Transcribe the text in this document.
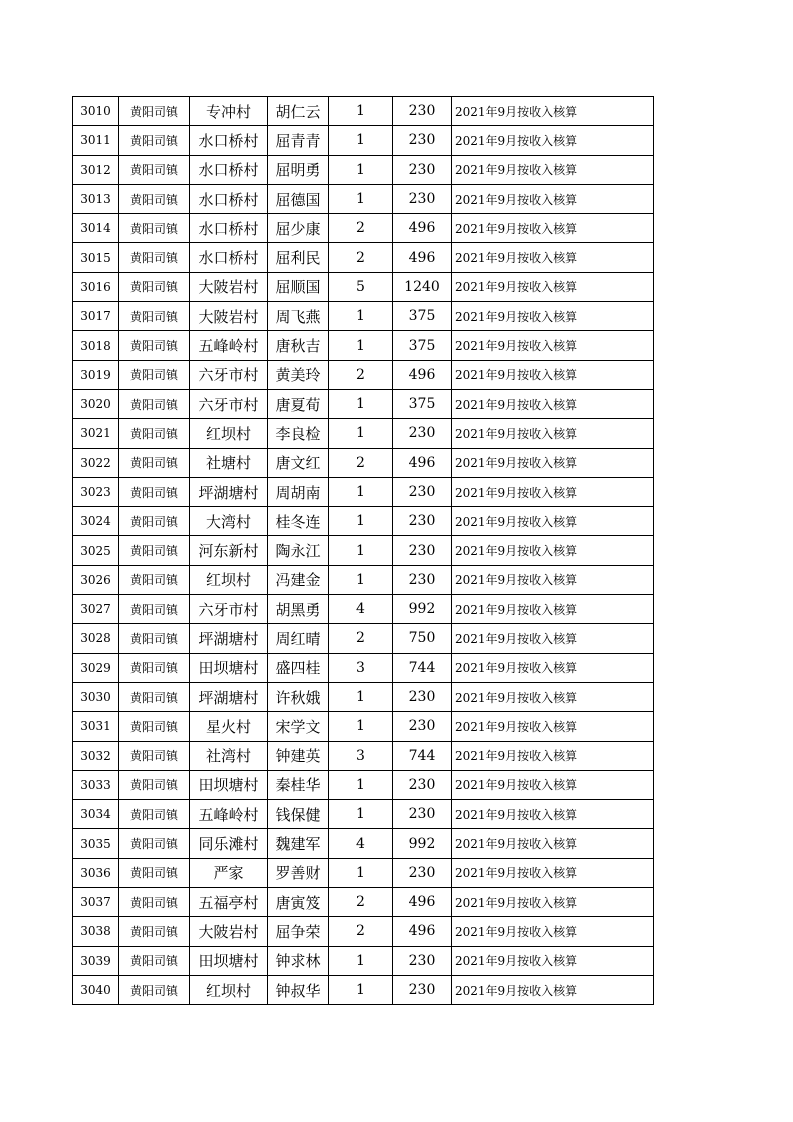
3010	黄阳司镇	专冲村	胡仁云	1	230	2021年9月按收入核算
3011	黄阳司镇	水口桥村	屈青青	1	230	2021年9月按收入核算
3012	黄阳司镇	水口桥村	屈明勇	1	230	2021年9月按收入核算
3013	黄阳司镇	水口桥村	屈德国	1	230	2021年9月按收入核算
3014	黄阳司镇	水口桥村	屈少康	2	496	2021年9月按收入核算
3015	黄阳司镇	水口桥村	屈利民	2	496	2021年9月按收入核算
3016	黄阳司镇	大陂岩村	屈顺国	5	1240	2021年9月按收入核算
3017	黄阳司镇	大陂岩村	周飞燕	1	375	2021年9月按收入核算
3018	黄阳司镇	五峰岭村	唐秋吉	1	375	2021年9月按收入核算
3019	黄阳司镇	六牙市村	黄美玲	2	496	2021年9月按收入核算
3020	黄阳司镇	六牙市村	唐夏荀	1	375	2021年9月按收入核算
3021	黄阳司镇	红坝村	李良检	1	230	2021年9月按收入核算
3022	黄阳司镇	社塘村	唐文红	2	496	2021年9月按收入核算
3023	黄阳司镇	坪湖塘村	周胡南	1	230	2021年9月按收入核算
3024	黄阳司镇	大湾村	桂冬连	1	230	2021年9月按收入核算
3025	黄阳司镇	河东新村	陶永江	1	230	2021年9月按收入核算
3026	黄阳司镇	红坝村	冯建金	1	230	2021年9月按收入核算
3027	黄阳司镇	六牙市村	胡黑勇	4	992	2021年9月按收入核算
3028	黄阳司镇	坪湖塘村	周红晴	2	750	2021年9月按收入核算
3029	黄阳司镇	田坝塘村	盛四桂	3	744	2021年9月按收入核算
3030	黄阳司镇	坪湖塘村	许秋娥	1	230	2021年9月按收入核算
3031	黄阳司镇	星火村	宋学文	1	230	2021年9月按收入核算
3032	黄阳司镇	社湾村	钟建英	3	744	2021年9月按收入核算
3033	黄阳司镇	田坝塘村	秦桂华	1	230	2021年9月按收入核算
3034	黄阳司镇	五峰岭村	钱保健	1	230	2021年9月按收入核算
3035	黄阳司镇	同乐滩村	魏建军	4	992	2021年9月按收入核算
3036	黄阳司镇	严家	罗善财	1	230	2021年9月按收入核算
3037	黄阳司镇	五福亭村	唐寅笈	2	496	2021年9月按收入核算
3038	黄阳司镇	大陂岩村	屈争荣	2	496	2021年9月按收入核算
3039	黄阳司镇	田坝塘村	钟求林	1	230	2021年9月按收入核算
3040	黄阳司镇	红坝村	钟叔华	1	230	2021年9月按收入核算
